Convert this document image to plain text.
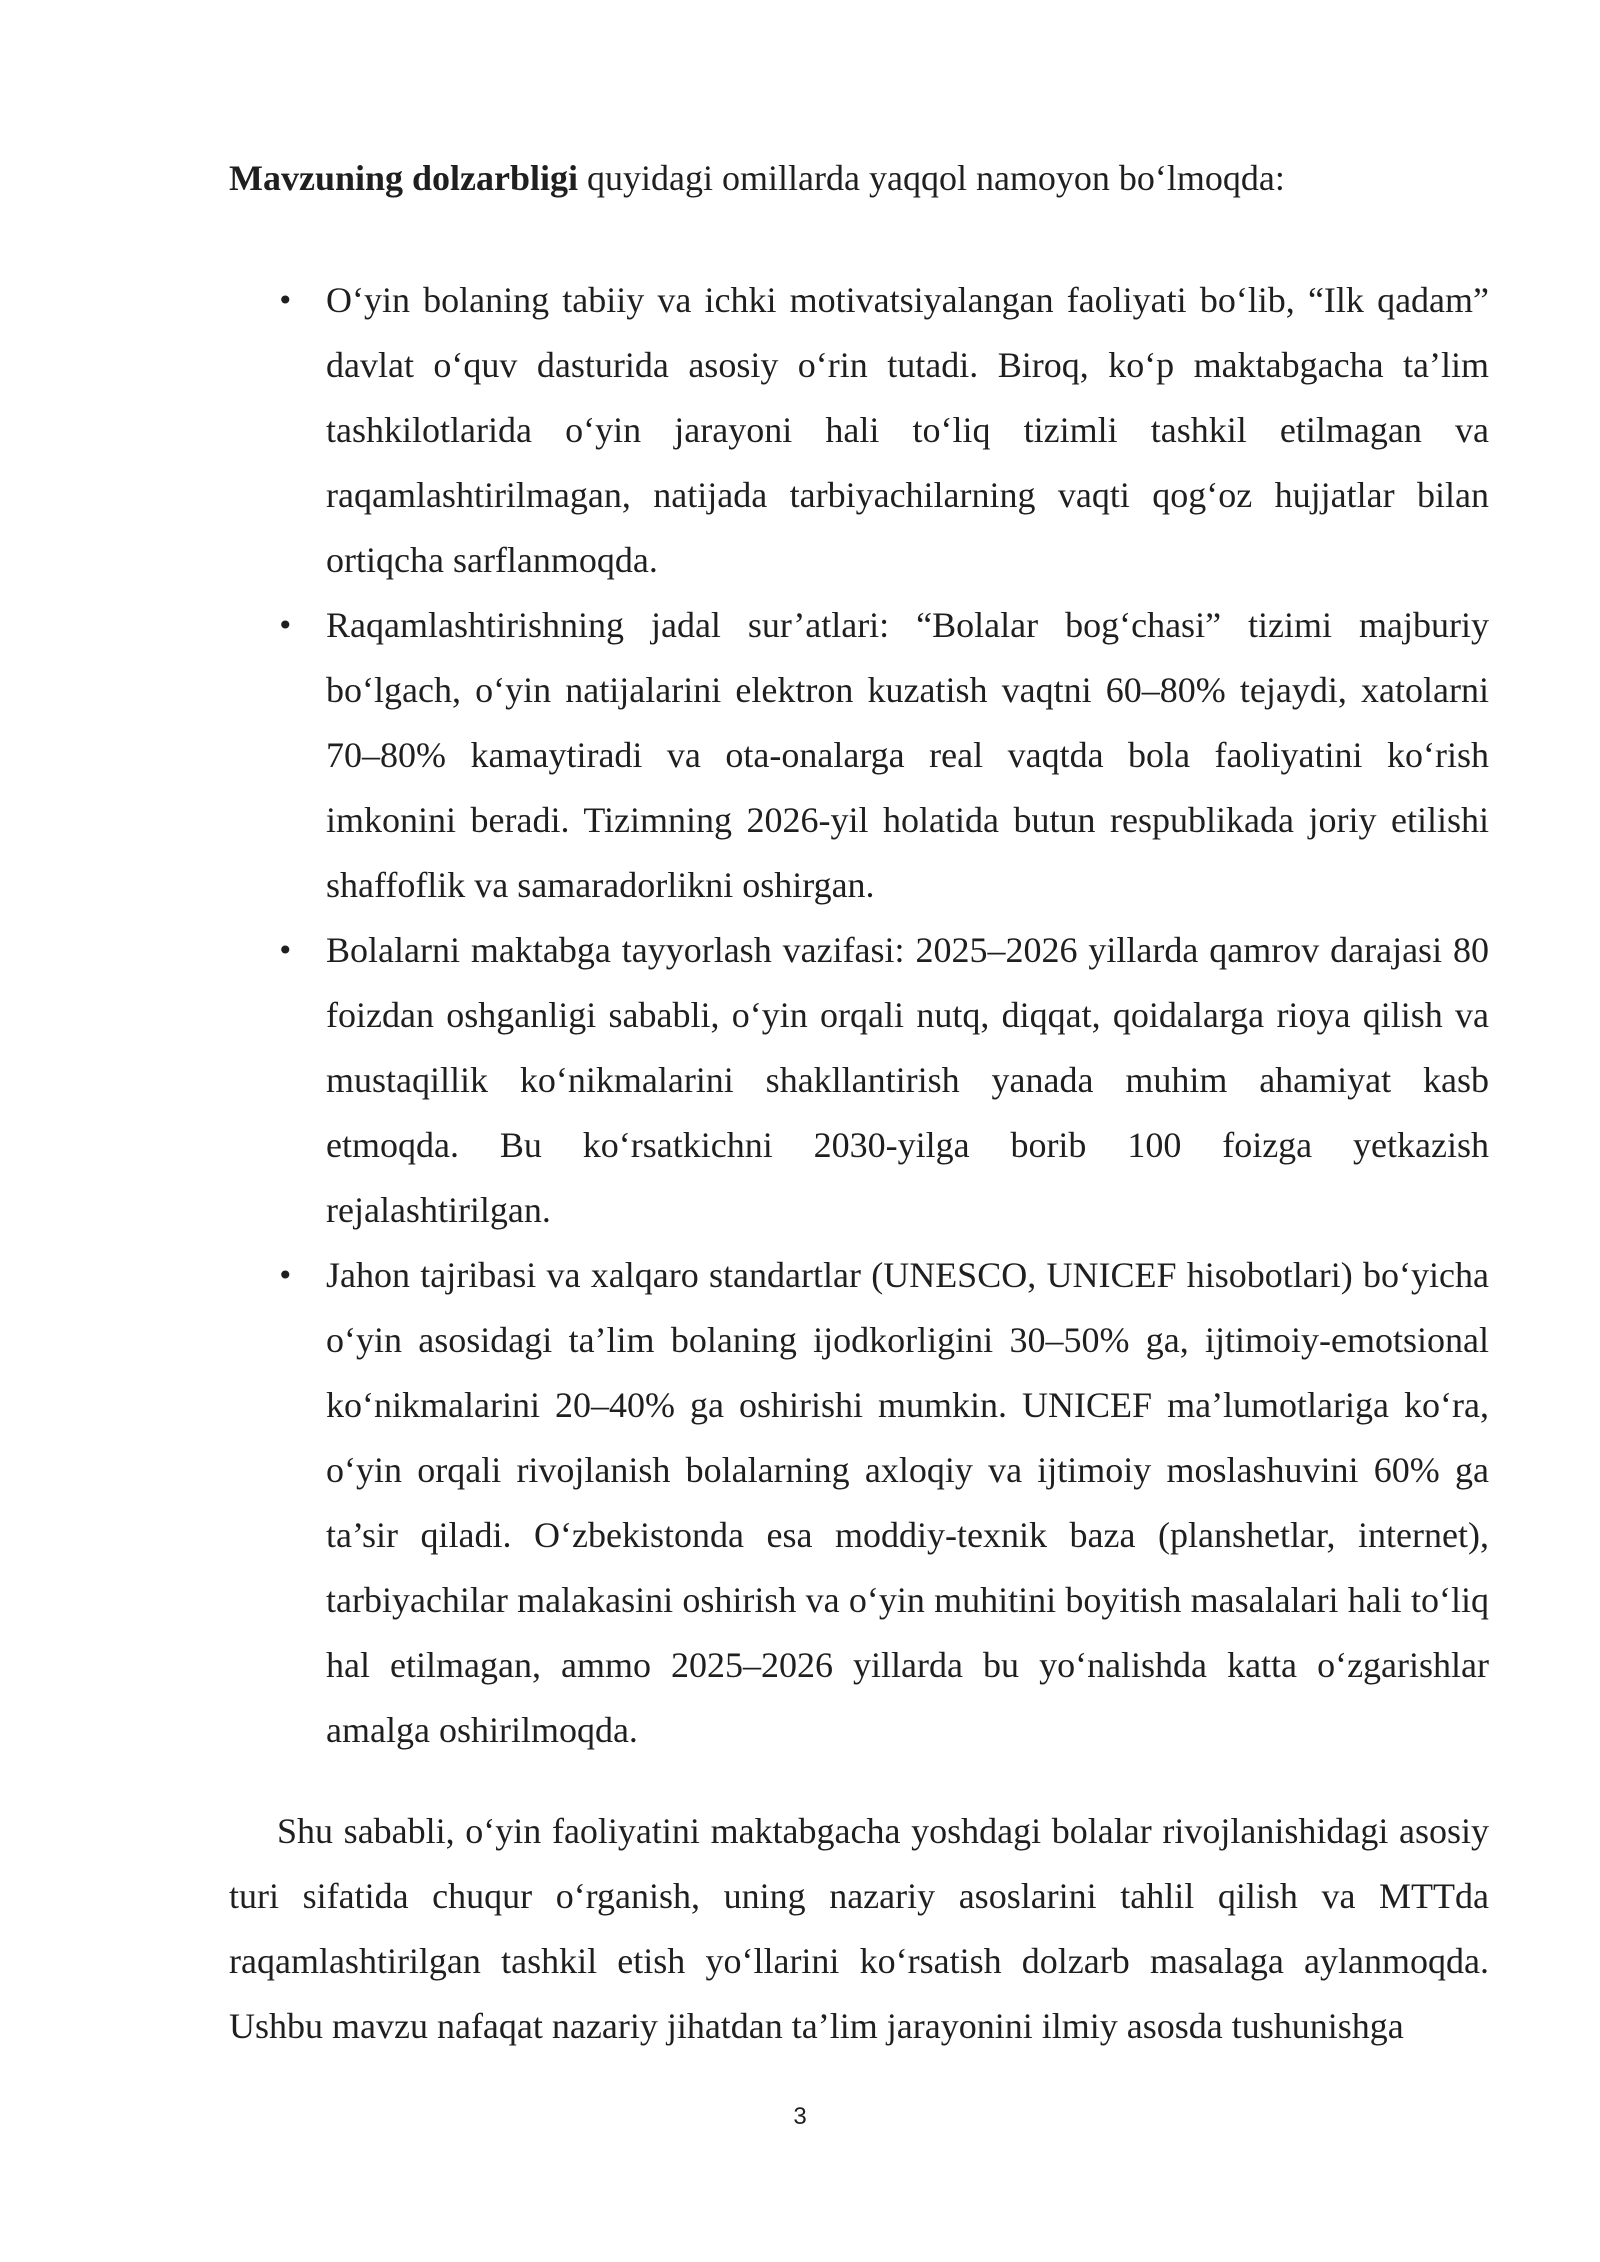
Mavzuning dolzarbligi quyidagi omillarda yaqqol namoyon bo‘lmoqda:

• O‘yin bolaning tabiiy va ichki motivatsiyalangan faoliyati bo‘lib, “Ilk qadam” davlat o‘quv dasturida asosiy o‘rin tutadi. Biroq, ko‘p maktabgacha ta’lim tashkilotlarida o‘yin jarayoni hali to‘liq tizimli tashkil etilmagan va raqamlashtirilmagan, natijada tarbiyachilarning vaqti qog‘oz hujjatlar bilan ortiqcha sarflanmoqda.
• Raqamlashtirishning jadal sur’atlari: “Bolalar bog‘chasi” tizimi majburiy bo‘lgach, o‘yin natijalarini elektron kuzatish vaqtni 60–80% tejaydi, xatolarni 70–80% kamaytiradi va ota-onalarga real vaqtda bola faoliyatini ko‘rish imkonini beradi. Tizimning 2026-yil holatida butun respublikada joriy etilishi shaffoflik va samaradorlikni oshirgan.
• Bolalarni maktabga tayyorlash vazifasi: 2025–2026 yillarda qamrov darajasi 80 foizdan oshganligi sababli, o‘yin orqali nutq, diqqat, qoidalarga rioya qilish va mustaqillik ko‘nikmalarini shakllantirish yanada muhim ahamiyat kasb etmoqda. Bu ko‘rsatkichni 2030-yilga borib 100 foizga yetkazish rejalashtirilgan.
• Jahon tajribasi va xalqaro standartlar (UNESCO, UNICEF hisobotlari) bo‘yicha o‘yin asosidagi ta’lim bolaning ijodkorligini 30–50% ga, ijtimoiy-emotsional ko‘nikmalarini 20–40% ga oshirishi mumkin. UNICEF ma’lumotlariga ko‘ra, o‘yin orqali rivojlanish bolalarning axloqiy va ijtimoiy moslashuvini 60% ga ta’sir qiladi. O‘zbekistonda esa moddiy-texnik baza (planshetlar, internet), tarbiyachilar malakasini oshirish va o‘yin muhitini boyitish masalalari hali to‘liq hal etilmagan, ammo 2025–2026 yillarda bu yo‘nalishda katta o‘zgarishlar amalga oshirilmoqda.

Shu sababli, o‘yin faoliyatini maktabgacha yoshdagi bolalar rivojlanishidagi asosiy turi sifatida chuqur o‘rganish, uning nazariy asoslarini tahlil qilish va MTTda raqamlashtirilgan tashkil etish yo‘llarini ko‘rsatish dolzarb masalaga aylanmoqda. Ushbu mavzu nafaqat nazariy jihatdan ta’lim jarayonini ilmiy asosda tushunishga

3
